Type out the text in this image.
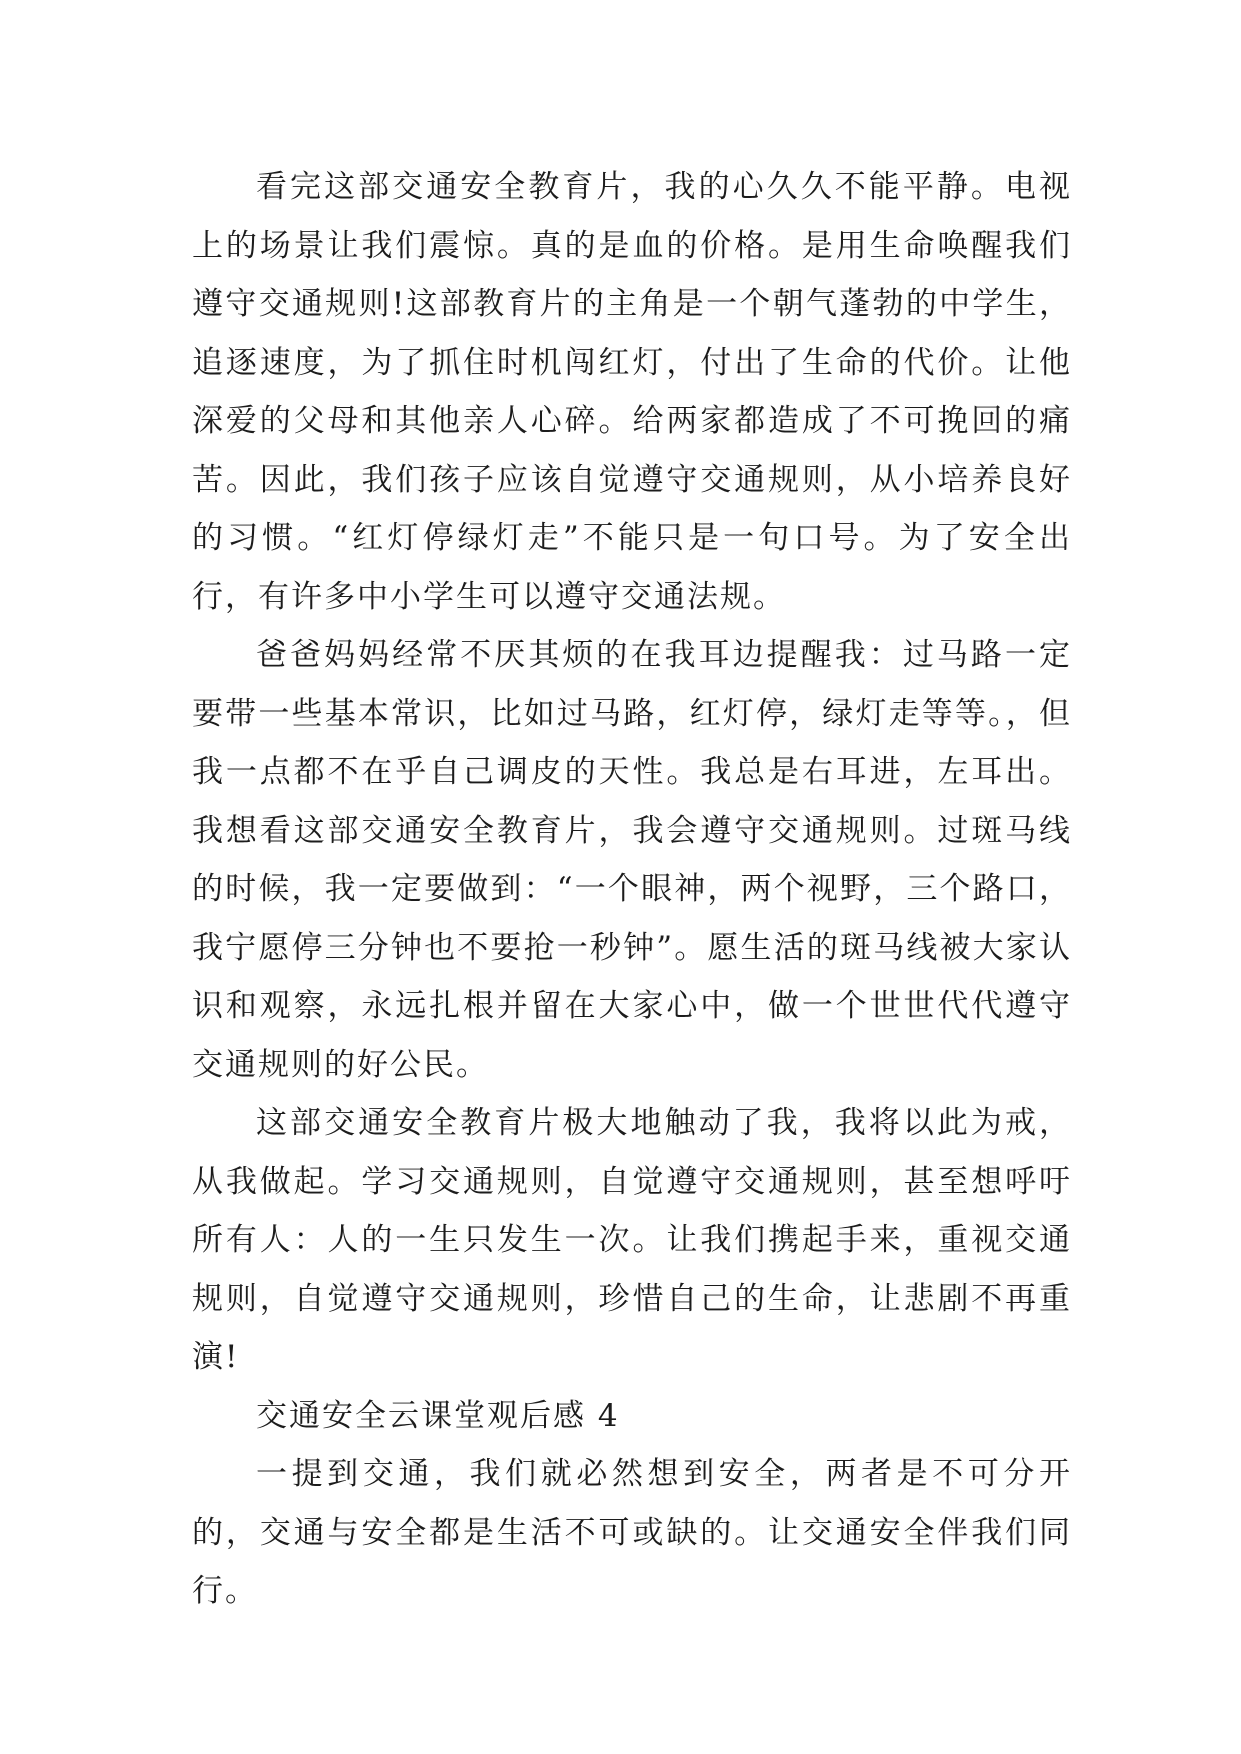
看完这部交通安全教育片，我的心久久不能平静。电视上的场景让我们震惊。真的是血的价格。是用生命唤醒我们遵守交通规则!这部教育片的主角是一个朝气蓬勃的中学生，追逐速度，为了抓住时机闯红灯，付出了生命的代价。让他深爱的父母和其他亲人心碎。给两家都造成了不可挽回的痛苦。因此，我们孩子应该自觉遵守交通规则，从小培养良好的习惯。“红灯停绿灯走”不能只是一句口号。为了安全出行，有许多中小学生可以遵守交通法规。

爸爸妈妈经常不厌其烦的在我耳边提醒我：过马路一定要带一些基本常识，比如过马路，红灯停，绿灯走等等。，但我一点都不在乎自己调皮的天性。我总是右耳进，左耳出。我想看这部交通安全教育片，我会遵守交通规则。过斑马线的时候，我一定要做到：“一个眼神，两个视野，三个路口，我宁愿停三分钟也不要抢一秒钟”。愿生活的斑马线被大家认识和观察，永远扎根并留在大家心中，做一个世世代代遵守交通规则的好公民。

这部交通安全教育片极大地触动了我，我将以此为戒，从我做起。学习交通规则，自觉遵守交通规则，甚至想呼吁所有人：人的一生只发生一次。让我们携起手来，重视交通规则，自觉遵守交通规则，珍惜自己的生命，让悲剧不再重演!

交通安全云课堂观后感 4

一提到交通，我们就必然想到安全，两者是不可分开的，交通与安全都是生活不可或缺的。让交通安全伴我们同行。
